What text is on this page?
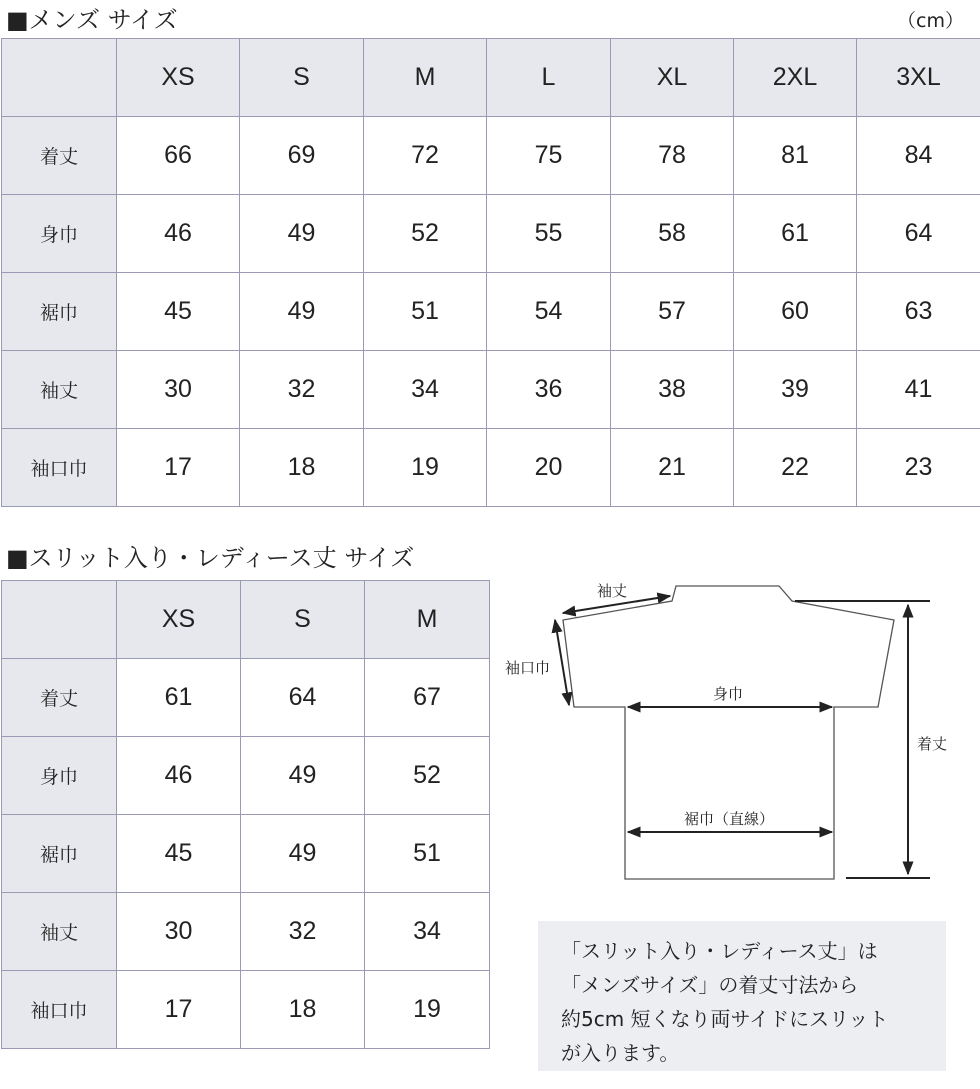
■メンズ サイズ	（cm）
	XS	S	M	L	XL	2XL	3XL
着丈	66	69	72	75	78	81	84
身巾	46	49	52	55	58	61	64
裾巾	45	49	51	54	57	60	63
袖丈	30	32	34	36	38	39	41
袖口巾	17	18	19	20	21	22	23
■スリット入り・レディース丈 サイズ
	XS	S	M
着丈	61	64	67
身巾	46	49	52
裾巾	45	49	51
袖丈	30	32	34
袖口巾	17	18	19
袖丈
袖口巾
身巾
裾巾（直線）
着丈
「スリット入り・レディース丈」は
「メンズサイズ」の着丈寸法から
約5cm 短くなり両サイドにスリット
が入ります。
